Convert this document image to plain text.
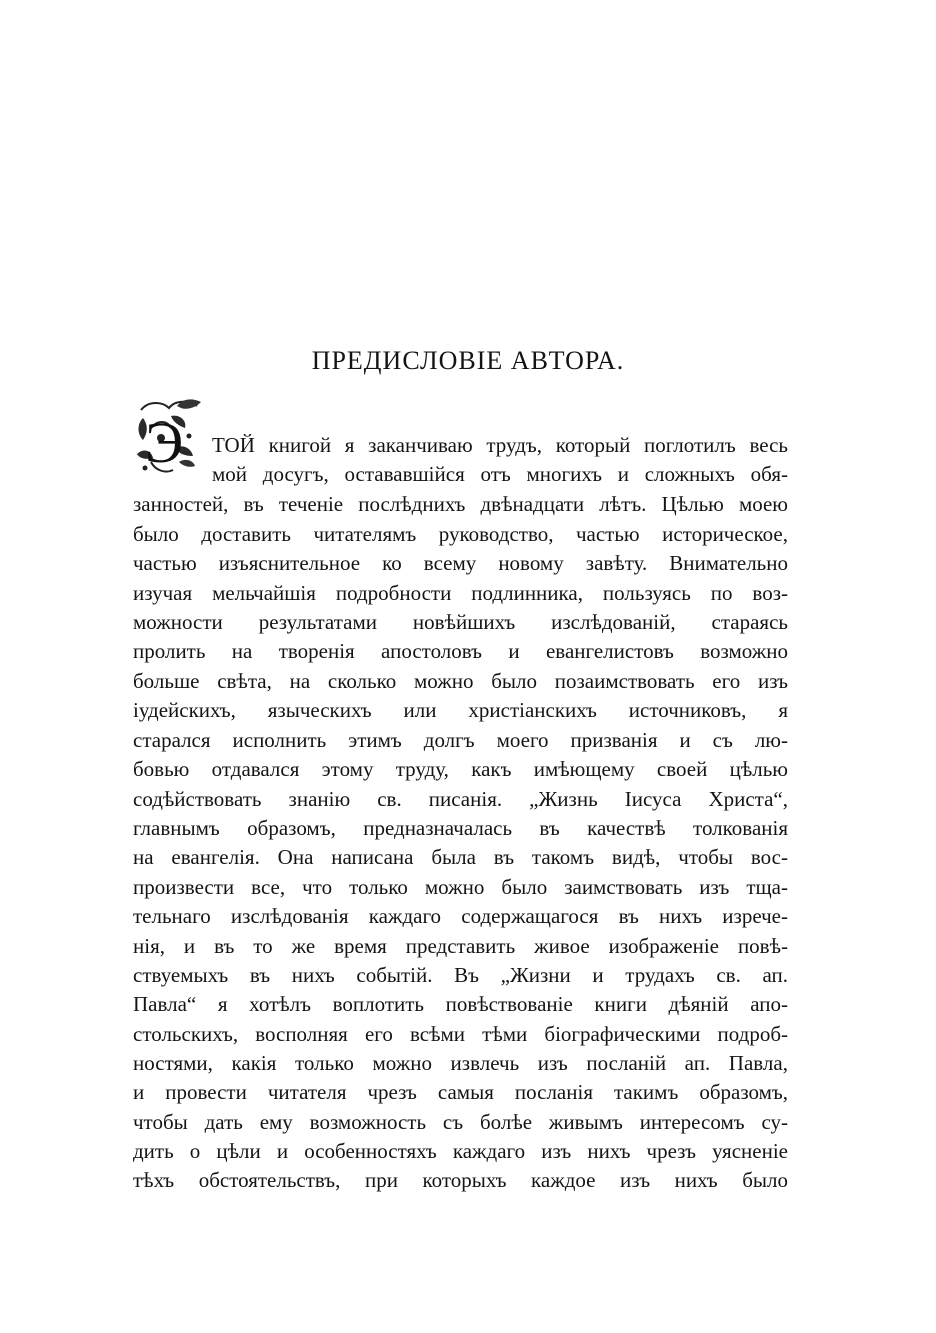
ПРЕДИСЛОВІЕ АВТОРА.
Э ТОЙ книгой я заканчиваю трудъ, который поглотилъ весь
мой досугъ, остававшійся отъ многихъ и сложныхъ обя-
занностей, въ теченіе послѣднихъ двѣнадцати лѣтъ. Цѣлью моею
было доставить читателямъ руководство, частью историческое,
частью изъяснительное ко всему новому завѣту. Внимательно
изучая мельчайшія подробности подлинника, пользуясь по воз-
можности результатами новѣйшихъ изслѣдованій, стараясь
пролить на творенія апостоловъ и евангелистовъ возможно
больше свѣта, на сколько можно было позаимствовать его изъ
іудейскихъ, языческихъ или христіанскихъ источниковъ, я
старался исполнить этимъ долгъ моего призванія и съ лю-
бовью отдавался этому труду, какъ имѣющему своей цѣлью
содѣйствовать знанію св. писанія. „Жизнь Іисуса Христа“,
главнымъ образомъ, предназначалась въ качествѣ толкованія
на евангелія. Она написана была въ такомъ видѣ, чтобы вос-
произвести все, что только можно было заимствовать изъ тща-
тельнаго изслѣдованія каждаго содержащагося въ нихъ изрече-
нія, и въ то же время представить живое изображеніе повѣ-
ствуемыхъ въ нихъ событій. Въ „Жизни и трудахъ св. ап.
Павла“ я хотѣлъ воплотить повѣствованіе книги дѣяній апо-
стольскихъ, восполняя его всѣми тѣми біографическими подроб-
ностями, какія только можно извлечь изъ посланій ап. Павла,
и провести читателя чрезъ самыя посланія такимъ образомъ,
чтобы дать ему возможность съ болѣе живымъ интересомъ су-
дить о цѣли и особенностяхъ каждаго изъ нихъ чрезъ уясненіе
тѣхъ обстоятельствъ, при которыхъ каждое изъ нихъ было
